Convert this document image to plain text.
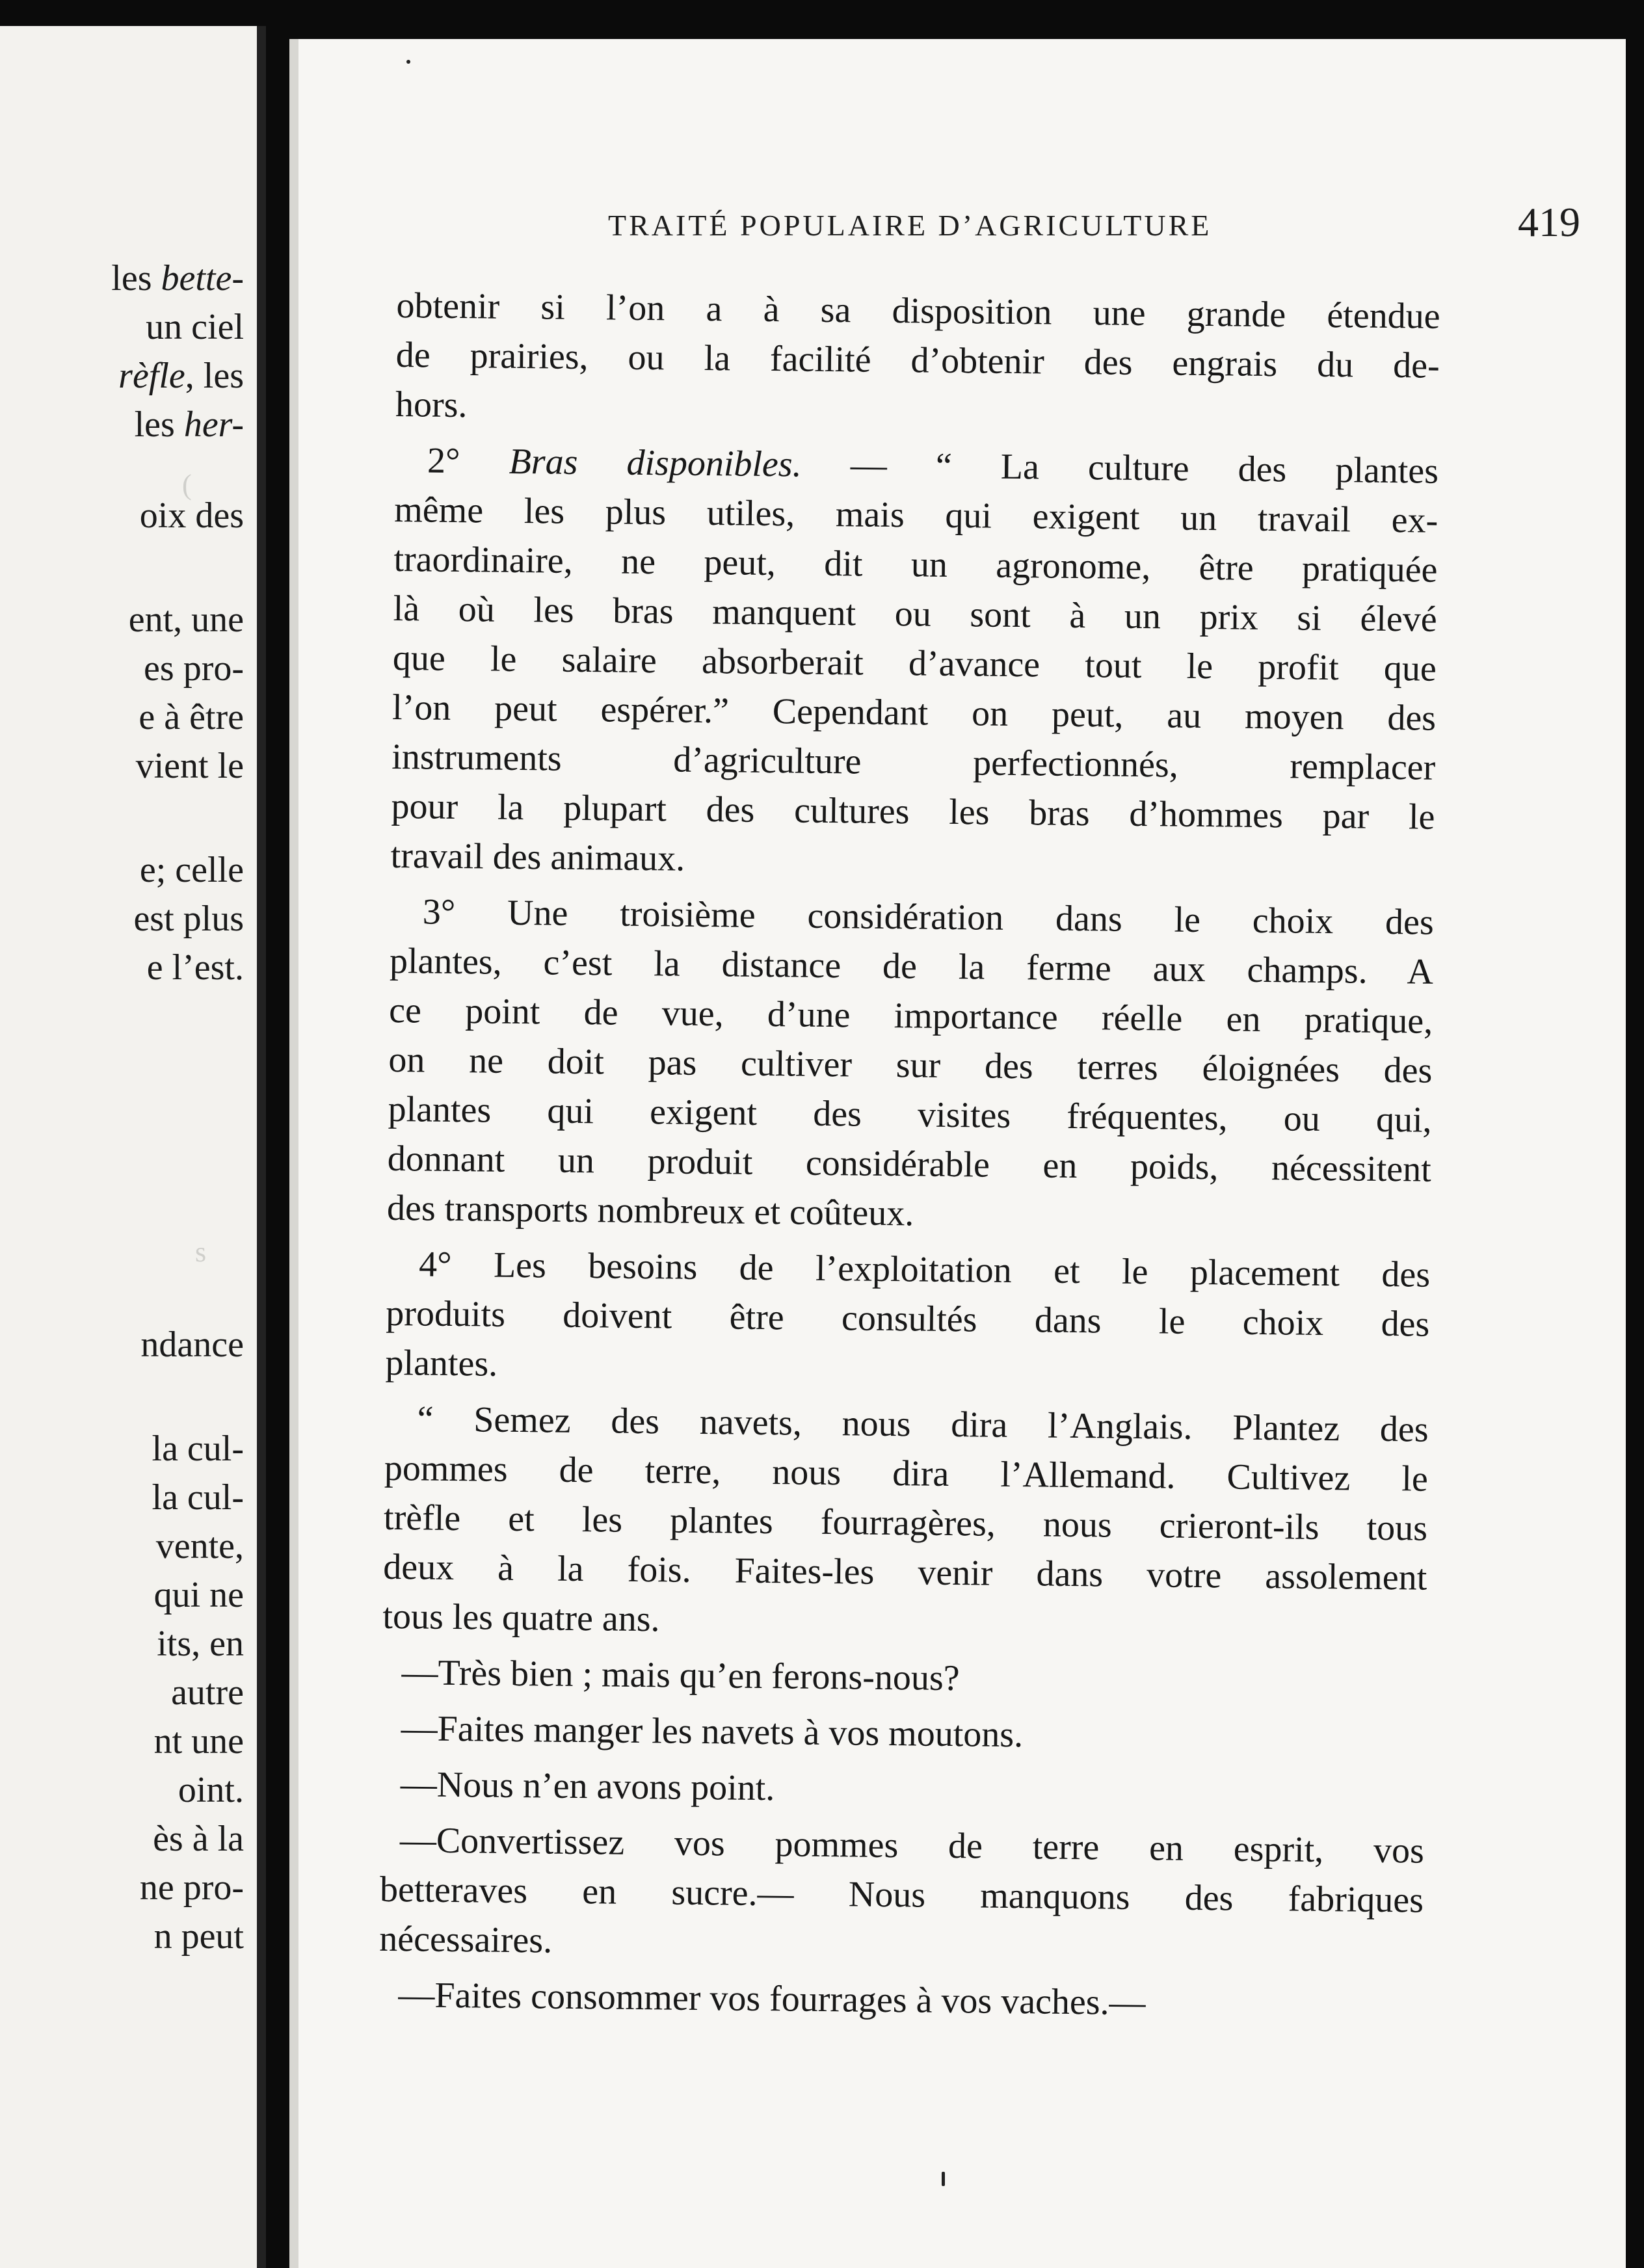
les bette-
un ciel
rèfle, les
les her-
oix des
ent, une
es pro-
e à être
vient le
e; celle
est plus
e l’est.
ndance
la cul-
la cul-
vente,
qui ne
its, en
autre
nt une
oint.
ès à la
ne pro-
n peut
(
s
TRAITÉ POPULAIRE D’AGRICULTURE	419
obtenir si l’on a à sa disposition une grande étendue
de prairies, ou la facilité d’obtenir des engrais du de-
hors.
2° Bras disponibles. — “ La culture des plantes
même les plus utiles, mais qui exigent un travail ex-
traordinaire, ne peut, dit un agronome, être pratiquée
là où les bras manquent ou sont à un prix si élevé
que le salaire absorberait d’avance tout le profit que
l’on peut espérer.” Cependant on peut, au moyen des
instruments d’agriculture perfectionnés, remplacer
pour la plupart des cultures les bras d’hommes par le
travail des animaux.
3° Une troisième considération dans le choix des
plantes, c’est la distance de la ferme aux champs. A
ce point de vue, d’une importance réelle en pratique,
on ne doit pas cultiver sur des terres éloignées des
plantes qui exigent des visites fréquentes, ou qui,
donnant un produit considérable en poids, nécessitent
des transports nombreux et coûteux.
4° Les besoins de l’exploitation et le placement des
produits doivent être consultés dans le choix des
plantes.
“ Semez des navets, nous dira l’Anglais. Plantez des
pommes de terre, nous dira l’Allemand. Cultivez le
trèfle et les plantes fourragères, nous crieront-ils tous
deux à la fois. Faites-les venir dans votre assolement
tous les quatre ans.
—Très bien ; mais qu’en ferons-nous?
—Faites manger les navets à vos moutons.
—Nous n’en avons point.
—Convertissez vos pommes de terre en esprit, vos
betteraves en sucre.— Nous manquons des fabriques
nécessaires.
—Faites consommer vos fourrages à vos vaches.—
